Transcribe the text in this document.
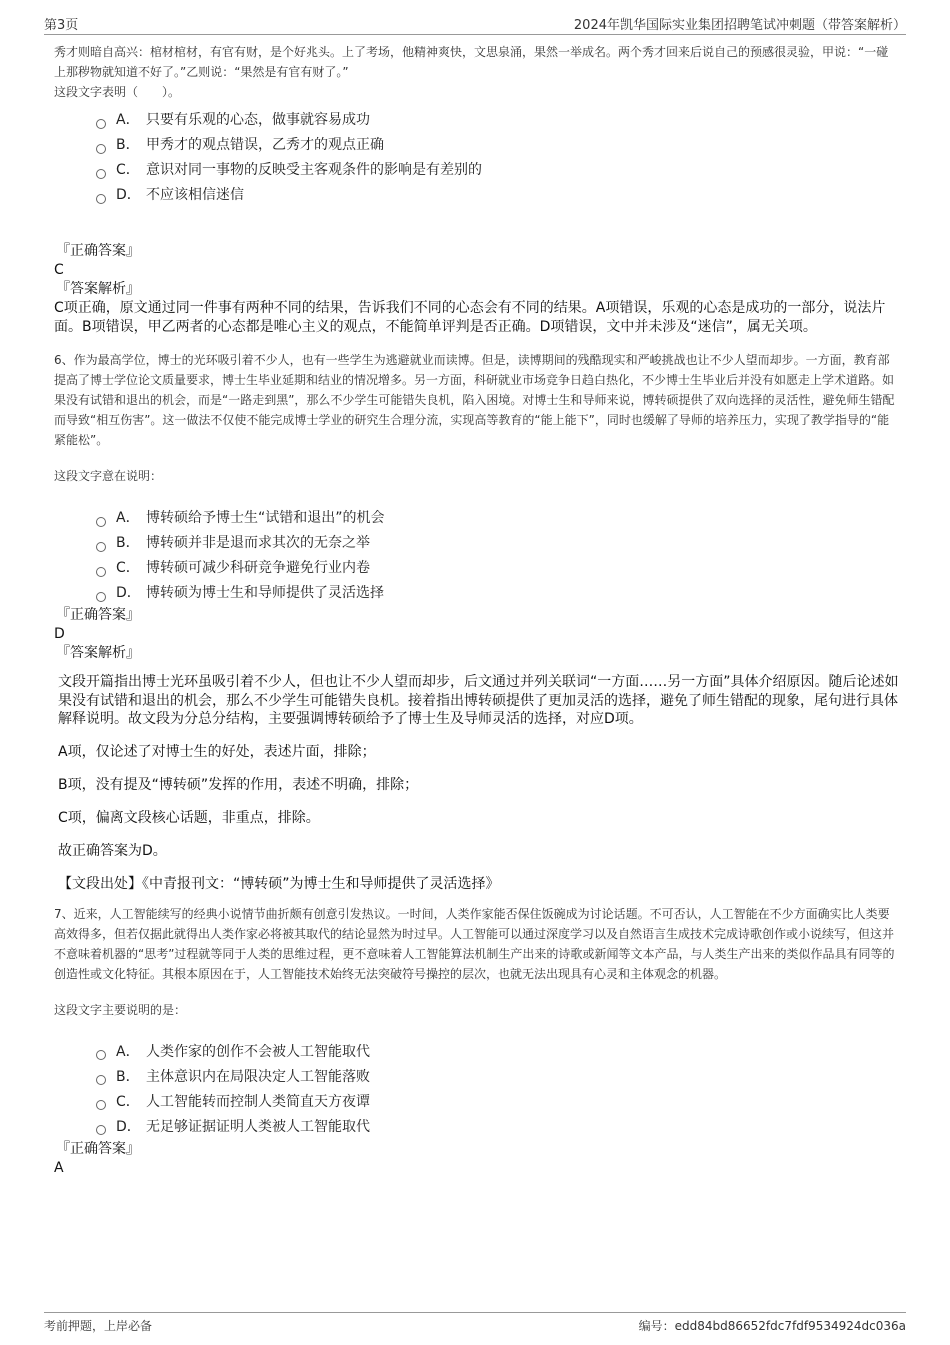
第3页	2024年凯华国际实业集团招聘笔试冲刺题（带答案解析）

秀才则暗自高兴：棺材棺材，有官有财，是个好兆头。上了考场，他精神爽快，文思泉涌，果然一举成名。两个秀才回来后说自己的预感很灵验，甲说：“一碰上那秽物就知道不好了。”乙则说：“果然是有官有财了。”

这段文字表明（　　）。

A． 只要有乐观的心态，做事就容易成功
B． 甲秀才的观点错误，乙秀才的观点正确
C． 意识对同一事物的反映受主客观条件的影响是有差别的
D． 不应该相信迷信

『正确答案』

C

『答案解析』

C项正确，原文通过同一件事有两种不同的结果，告诉我们不同的心态会有不同的结果。A项错误，乐观的心态是成功的一部分，说法片面。B项错误，甲乙两者的心态都是唯心主义的观点，不能简单评判是否正确。D项错误，文中并未涉及“迷信”，属无关项。

6、作为最高学位，博士的光环吸引着不少人，也有一些学生为逃避就业而读博。但是，读博期间的残酷现实和严峻挑战也让不少人望而却步。一方面，教育部提高了博士学位论文质量要求，博士生毕业延期和结业的情况增多。另一方面，科研就业市场竞争日趋白热化，不少博士生毕业后并没有如愿走上学术道路。如果没有试错和退出的机会，而是“一路走到黑”，那么不少学生可能错失良机，陷入困境。对博士生和导师来说，博转硕提供了双向选择的灵活性，避免师生错配而导致“相互伤害”。这一做法不仅使不能完成博士学业的研究生合理分流，实现高等教育的“能上能下”，同时也缓解了导师的培养压力，实现了教学指导的“能紧能松”。

这段文字意在说明：

A． 博转硕给予博士生“试错和退出”的机会
B． 博转硕并非是退而求其次的无奈之举
C． 博转硕可减少科研竞争避免行业内卷
D． 博转硕为博士生和导师提供了灵活选择

『正确答案』

D

『答案解析』

文段开篇指出博士光环虽吸引着不少人，但也让不少人望而却步，后文通过并列关联词“一方面……另一方面”具体介绍原因。随后论述如果没有试错和退出的机会，那么不少学生可能错失良机。接着指出博转硕提供了更加灵活的选择，避免了师生错配的现象，尾句进行具体解释说明。故文段为分总分结构，主要强调博转硕给予了博士生及导师灵活的选择，对应D项。

A项，仅论述了对博士生的好处，表述片面，排除；

B项，没有提及“博转硕”发挥的作用，表述不明确，排除；

C项，偏离文段核心话题，非重点，排除。

故正确答案为D。

【文段出处】《中青报刊文：“博转硕”为博士生和导师提供了灵活选择》

7、近来，人工智能续写的经典小说情节曲折颇有创意引发热议。一时间，人类作家能否保住饭碗成为讨论话题。不可否认，人工智能在不少方面确实比人类要高效得多，但若仅据此就得出人类作家必将被其取代的结论显然为时过早。人工智能可以通过深度学习以及自然语言生成技术完成诗歌创作或小说续写，但这并不意味着机器的“思考”过程就等同于人类的思维过程，更不意味着人工智能算法机制生产出来的诗歌或新闻等文本产品，与人类生产出来的类似作品具有同等的创造性或文化特征。其根本原因在于，人工智能技术始终无法突破符号操控的层次，也就无法出现具有心灵和主体观念的机器。

这段文字主要说明的是：

A． 人类作家的创作不会被人工智能取代
B． 主体意识内在局限决定人工智能落败
C． 人工智能转而控制人类简直天方夜谭
D． 无足够证据证明人类被人工智能取代

『正确答案』

A

考前押题，上岸必备	编号：edd84bd86652fdc7fdf9534924dc036a
